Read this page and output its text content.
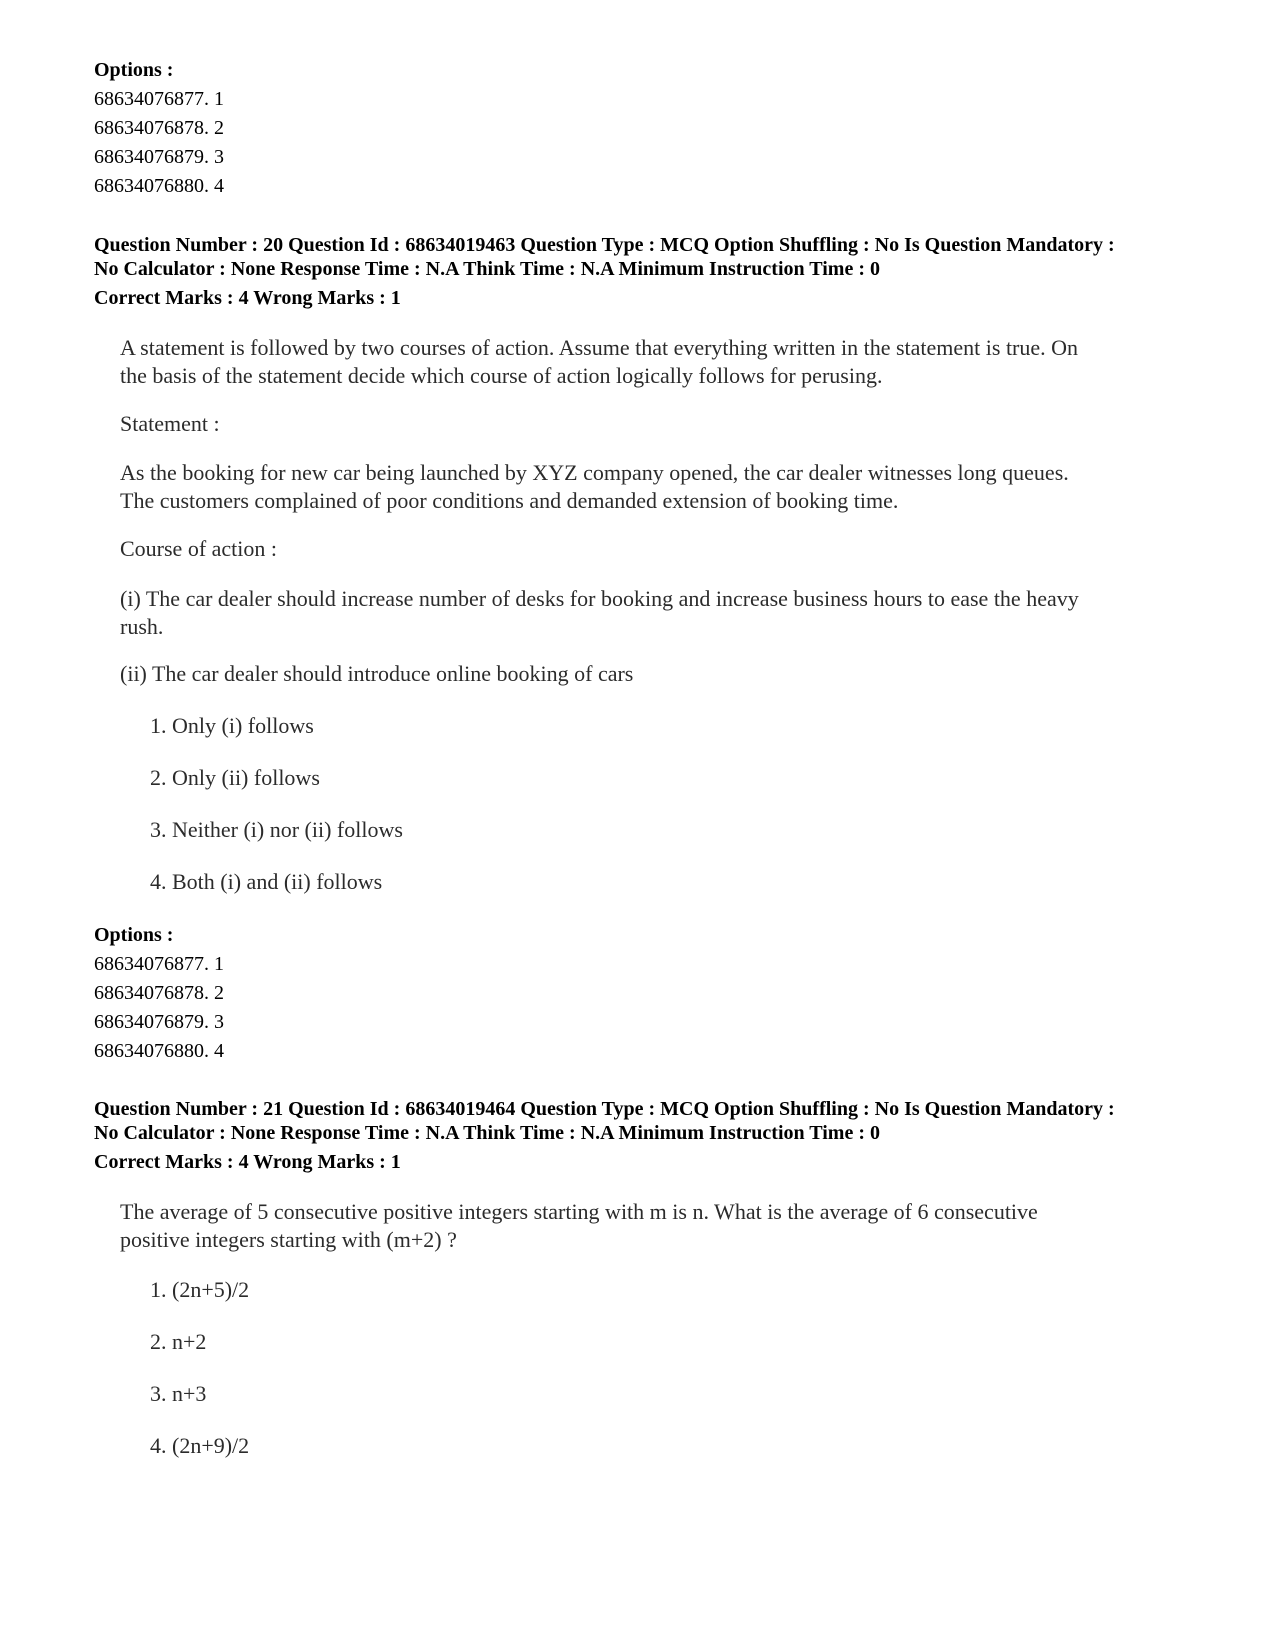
Options :
68634076877. 1
68634076878. 2
68634076879. 3
68634076880. 4
Question Number : 20 Question Id : 68634019463 Question Type : MCQ Option Shuffling : No Is Question Mandatory :
No Calculator : None Response Time : N.A Think Time : N.A Minimum Instruction Time : 0
Correct Marks : 4 Wrong Marks : 1

A statement is followed by two courses of action. Assume that everything written in the statement is true. On

the basis of the statement decide which course of action logically follows for perusing.

Statement :

As the booking for new car being launched by XYZ company opened, the car dealer witnesses long queues.

The customers complained of poor conditions and demanded extension of booking time.

Course of action :

(i) The car dealer should increase number of desks for booking and increase business hours to ease the heavy

rush.

(ii) The car dealer should introduce online booking of cars

1. Only (i) follows
2. Only (ii) follows
3. Neither (i) nor (ii) follows
4. Both (i) and (ii) follows
Options :
68634076877. 1
68634076878. 2
68634076879. 3
68634076880. 4
Question Number : 21 Question Id : 68634019464 Question Type : MCQ Option Shuffling : No Is Question Mandatory :
No Calculator : None Response Time : N.A Think Time : N.A Minimum Instruction Time : 0
Correct Marks : 4 Wrong Marks : 1

The average of 5 consecutive positive integers starting with m is n. What is the average of 6 consecutive

positive integers starting with (m+2) ?

1. (2n+5)/2
2. n+2
3. n+3
4. (2n+9)/2
